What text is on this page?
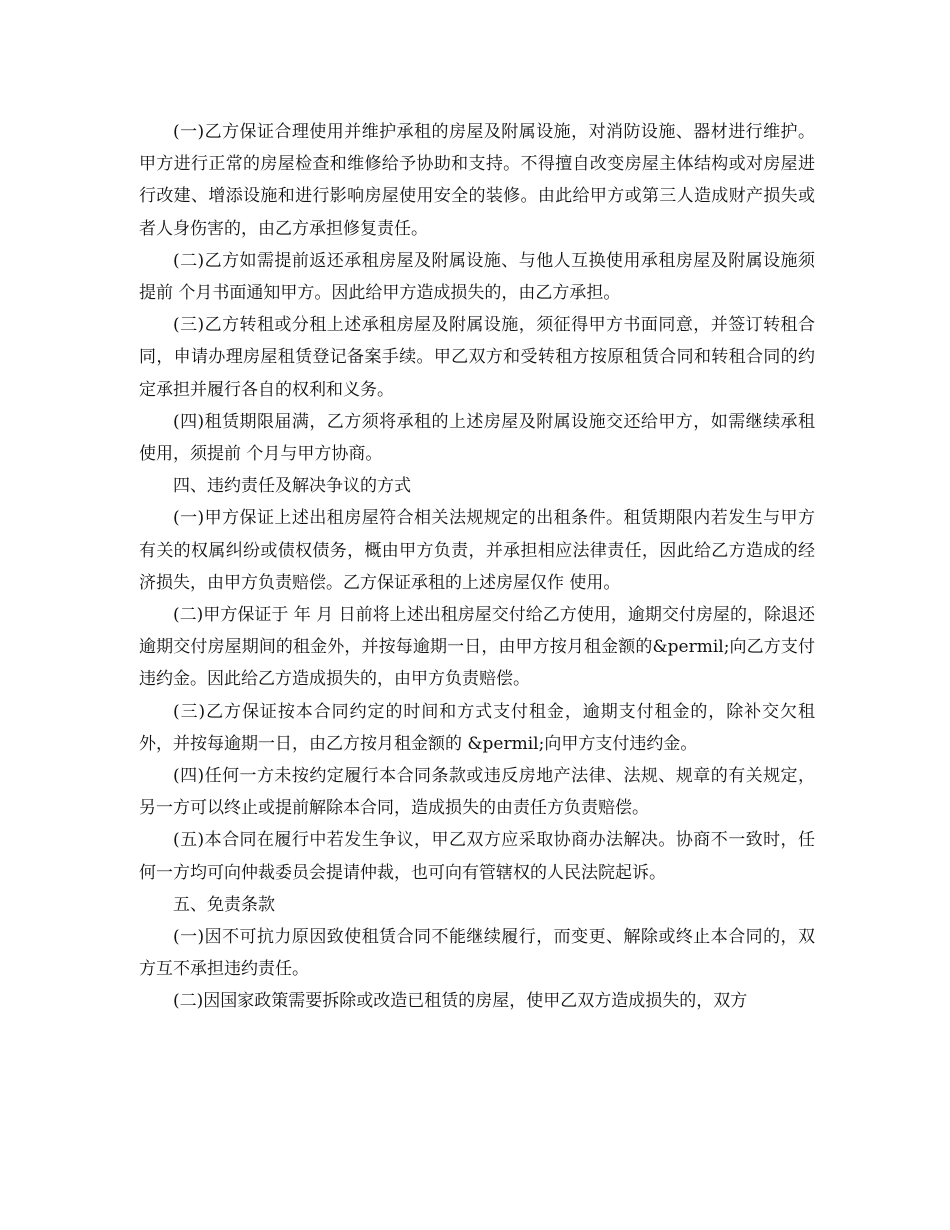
(一)乙方保证合理使用并维护承租的房屋及附属设施，对消防设施、器材进行维护。甲方进行正常的房屋检查和维修给予协助和支持。不得擅自改变房屋主体结构或对房屋进行改建、增添设施和进行影响房屋使用安全的装修。由此给甲方或第三人造成财产损失或者人身伤害的，由乙方承担修复责任。

(二)乙方如需提前返还承租房屋及附属设施、与他人互换使用承租房屋及附属设施须提前 个月书面通知甲方。因此给甲方造成损失的，由乙方承担。

(三)乙方转租或分租上述承租房屋及附属设施，须征得甲方书面同意，并签订转租合同，申请办理房屋租赁登记备案手续。甲乙双方和受转租方按原租赁合同和转租合同的约定承担并履行各自的权利和义务。

(四)租赁期限届满，乙方须将承租的上述房屋及附属设施交还给甲方，如需继续承租使用，须提前 个月与甲方协商。

四、违约责任及解决争议的方式

(一)甲方保证上述出租房屋符合相关法规规定的出租条件。租赁期限内若发生与甲方有关的权属纠纷或债权债务，概由甲方负责，并承担相应法律责任，因此给乙方造成的经济损失，由甲方负责赔偿。乙方保证承租的上述房屋仅作 使用。

(二)甲方保证于 年 月 日前将上述出租房屋交付给乙方使用，逾期交付房屋的，除退还逾期交付房屋期间的租金外，并按每逾期一日，由甲方按月租金额的&permil;向乙方支付违约金。因此给乙方造成损失的，由甲方负责赔偿。

(三)乙方保证按本合同约定的时间和方式支付租金，逾期支付租金的，除补交欠租外，并按每逾期一日，由乙方按月租金额的 &permil;向甲方支付违约金。

(四)任何一方未按约定履行本合同条款或违反房地产法律、法规、规章的有关规定，另一方可以终止或提前解除本合同，造成损失的由责任方负责赔偿。

(五)本合同在履行中若发生争议，甲乙双方应采取协商办法解决。协商不一致时，任何一方均可向仲裁委员会提请仲裁，也可向有管辖权的人民法院起诉。

五、免责条款

(一)因不可抗力原因致使租赁合同不能继续履行，而变更、解除或终止本合同的，双方互不承担违约责任。

(二)因国家政策需要拆除或改造已租赁的房屋，使甲乙双方造成损失的，双方
